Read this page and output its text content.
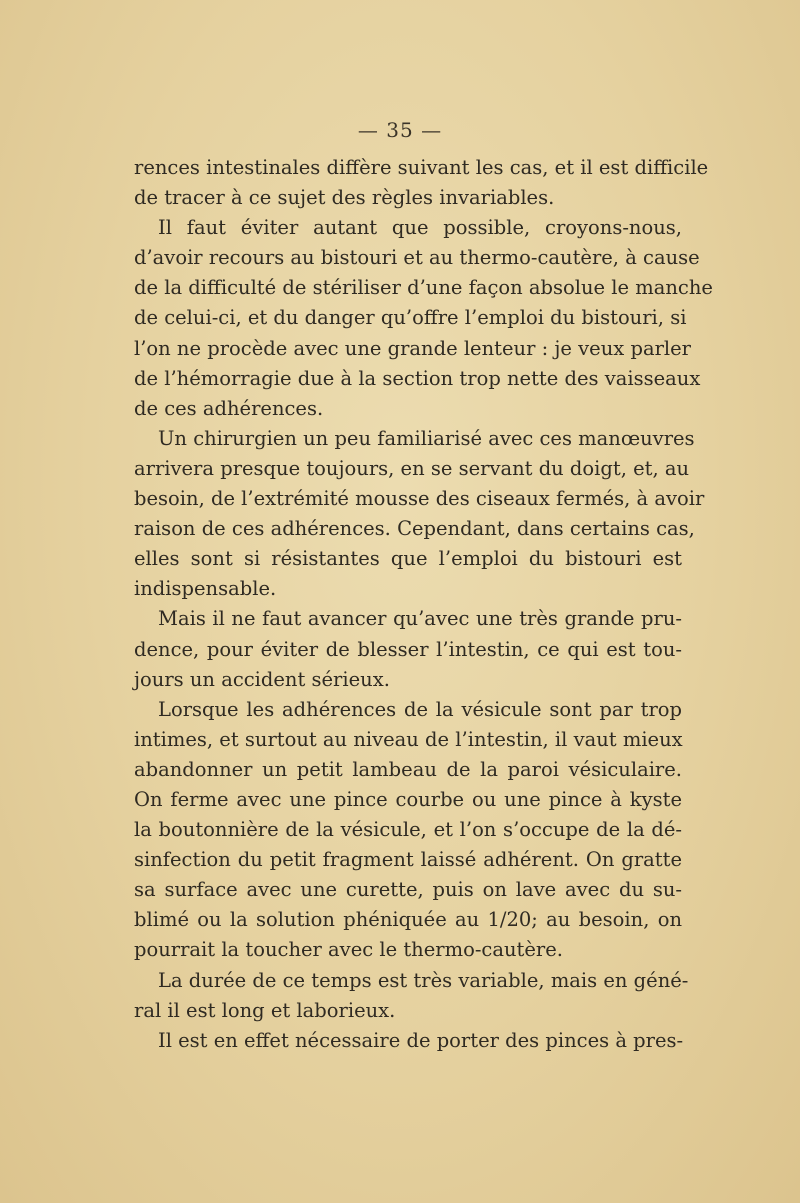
— 35 —
rences intestinales diffère suivant les cas, et il est difficile
de tracer à ce sujet des règles invariables.
Il faut éviter autant que possible, croyons-nous,
d’avoir recours au bistouri et au thermo-cautère, à cause
de la difficulté de stériliser d’une façon absolue le manche
de celui-ci, et du danger qu’offre l’emploi du bistouri, si
l’on ne procède avec une grande lenteur : je veux parler
de l’hémorragie due à la section trop nette des vaisseaux
de ces adhérences.
Un chirurgien un peu familiarisé avec ces manœuvres
arrivera presque toujours, en se servant du doigt, et, au
besoin, de l’extrémité mousse des ciseaux fermés, à avoir
raison de ces adhérences. Cependant, dans certains cas,
elles sont si résistantes que l’emploi du bistouri est
indispensable.
Mais il ne faut avancer qu’avec une très grande pru-
dence, pour éviter de blesser l’intestin, ce qui est tou-
jours un accident sérieux.
Lorsque les adhérences de la vésicule sont par trop
intimes, et surtout au niveau de l’intestin, il vaut mieux
abandonner un petit lambeau de la paroi vésiculaire.
On ferme avec une pince courbe ou une pince à kyste
la boutonnière de la vésicule, et l’on s’occupe de la dé-
sinfection du petit fragment laissé adhérent. On gratte
sa surface avec une curette, puis on lave avec du su-
blimé ou la solution phéniquée au 1/20; au besoin, on
pourrait la toucher avec le thermo-cautère.
La durée de ce temps est très variable, mais en géné-
ral il est long et laborieux.
Il est en effet nécessaire de porter des pinces à pres-
